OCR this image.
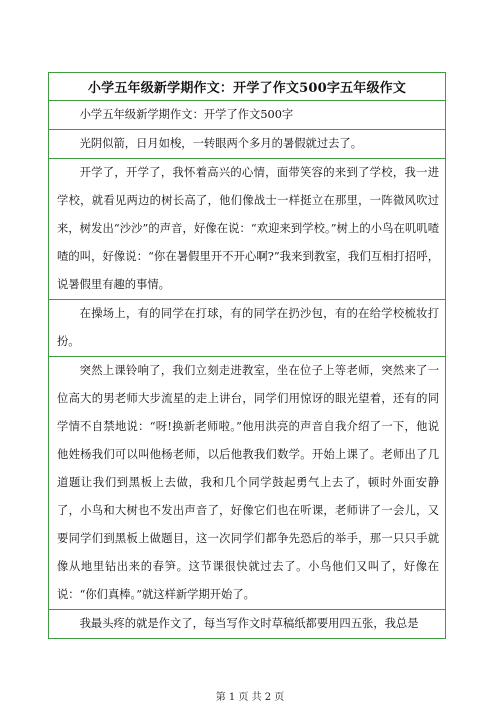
小学五年级新学期作文：开学了作文500字五年级作文
小学五年级新学期作文：开学了作文500字
光阴似箭，日月如梭，一转眼两个多月的暑假就过去了。
开学了，开学了，我怀着高兴的心情，面带笑容的来到了学校，我一进学校，就看见两边的树长高了，他们像战士一样挺立在那里，一阵微风吹过来，树发出“沙沙”的声音，好像在说：“欢迎来到学校。”树上的小鸟在叽叽喳喳的叫，好像说：“你在暑假里开不开心啊?”我来到教室，我们互相打招呼，说暑假里有趣的事情。
在操场上，有的同学在打球，有的同学在扔沙包，有的在给学校梳妆打扮。
突然上课铃响了，我们立刻走进教室，坐在位子上等老师，突然来了一位高大的男老师大步流星的走上讲台，同学们用惊讶的眼光望着，还有的同学情不自禁地说：“呀!换新老师啦。”他用洪亮的声音自我介绍了一下，他说他姓杨我们可以叫他杨老师，以后他教我们数学。开始上课了。老师出了几道题让我们到黑板上去做，我和几个同学鼓起勇气上去了，顿时外面安静了，小鸟和大树也不发出声音了，好像它们也在听课，老师讲了一会儿，又要同学们到黑板上做题目，这一次同学们都争先恐后的举手，那一只只手就像从地里钻出来的春笋。这节课很快就过去了。小鸟他们又叫了，好像在说：“你们真棒。”就这样新学期开始了。
我最头疼的就是作文了，每当写作文时草稿纸都要用四五张，我总是
第 1 页 共 2 页
